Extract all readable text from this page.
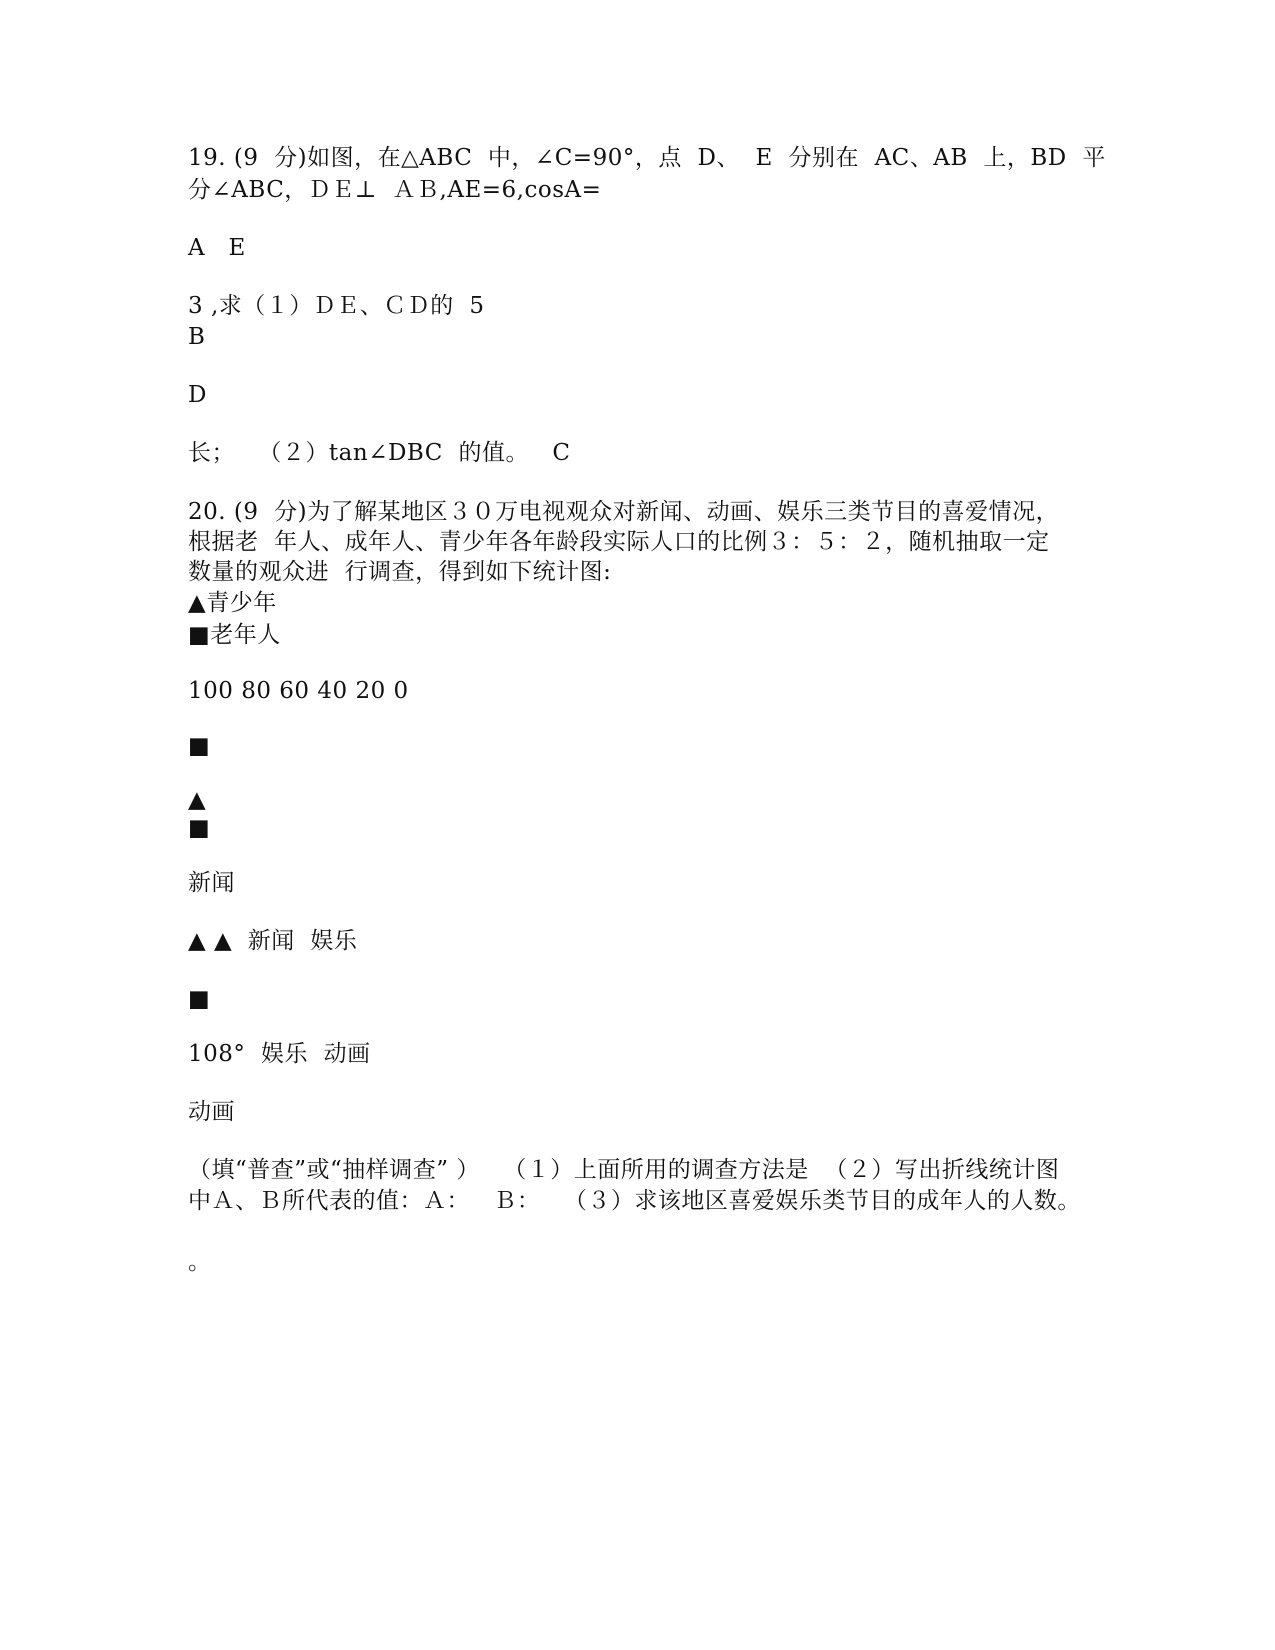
19. (9  分)如图，在△ABC  中，∠C=90°，点  D、  E  分别在  AC、AB  上，BD  平
分∠ABC，ＤＥ⊥  ＡＢ,AE=6,cosA=
A   E
3 ,求（１）ＤＥ、ＣＤ的  5
B
D
长；   （２）tan∠DBC  的值。   C
20. (9  分)为了解某地区３０万电视观众对新闻、动画、娱乐三类节目的喜爱情况，
根据老  年人、成年人、青少年各年龄段实际人口的比例３：５：２，随机抽取一定
数量的观众进  行调查，得到如下统计图:
▲青少年
■老年人
100 80 60 40 20 0
■
▲
■
新闻
▲ ▲  新闻  娱乐
■
108°  娱乐  动画
动画
（填“普查”或“抽样调查” ）   （１）上面所用的调查方法是  （２）写出折线统计图
中Ａ、Ｂ所代表的值：Ａ：   Ｂ：   （３）求该地区喜爱娱乐类节目的成年人的人数。
。
